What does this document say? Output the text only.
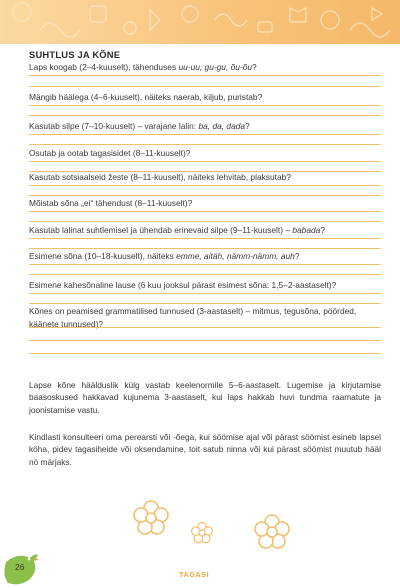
SUHTLUS JA KÕNE
Laps koogab (2–4-kuuselt), tähenduses uu-uu, gu-gu, õu-õu?
Mängib häälega (4–6-kuuselt), näiteks naerab, kiljub, puristab?
Kasutab silpe (7–10-kuuselt) – varajane lalin: ba, da, dada?
Osutab ja ootab tagasisidet (8–11-kuuselt)?
Kasutab sotsiaalseid žeste (8–11-kuuselt), näiteks lehvitab, plaksutab?
Mõistab sõna „ei“ tähendust (8–11-kuuselt)?
Kasutab lalinat suhtlemisel ja ühendab erinevaid silpe (9–11-kuuselt) – babada?
Esimene sõna (10–18-kuuselt), näiteks emme, aitäh, nämm-nämm, auh?
Esimene kahesõnaline lause (6 kuu jooksul pärast esimest sõna: 1,5–2-aastaselt)?
Kõnes on peamised grammatilised tunnused (3-aastaselt) – mitmus, tegusõna, pöörded, käänete tunnused)?

Lapse kõne häälduslik külg vastab keelenormile 5–6-aastaselt. Lugemise ja kirjutamise baasoskused hakkavad kujunema 3-aastaselt, kui laps hakkab huvi tundma raamatute ja joonistamise vastu.

Kindlasti konsulteeri oma perearsti või -õega, kui söömise ajal või pärast söömist esineb lapsel köha, pidev tagasiheide või oksendamine, toit satub ninna või kui pärast söömist muutub hääl nö märjaks.

26
TAGASI
